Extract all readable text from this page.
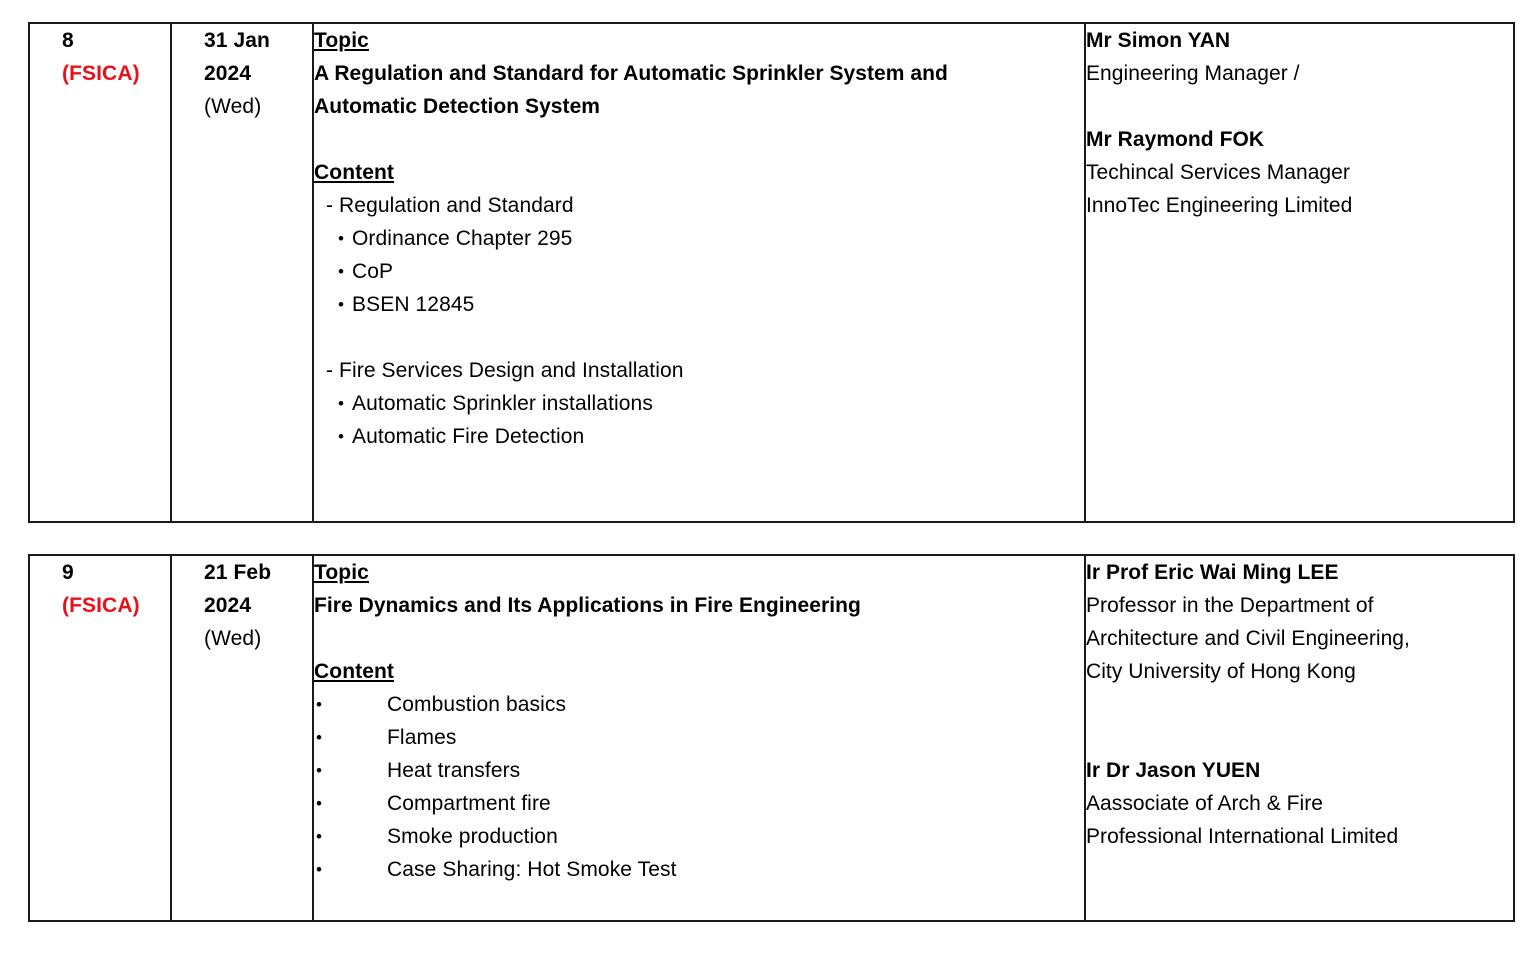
8
(FSICA)

31 Jan
2024
(Wed)

Topic
A Regulation and Standard for Automatic Sprinkler System and Automatic Detection System
Content
- Regulation and Standard
• Ordinance Chapter 295
• CoP
• BSEN 12845
- Fire Services Design and Installation
• Automatic Sprinkler installations
• Automatic Fire Detection

Mr Simon YAN
Engineering Manager /
Mr Raymond FOK
Techincal Services Manager
InnoTec Engineering Limited
9
(FSICA)

21 Feb
2024
(Wed)

Topic
Fire Dynamics and Its Applications in Fire Engineering
Content
•	Combustion basics
•	Flames
•	Heat transfers
•	Compartment fire
•	Smoke production
•	Case Sharing: Hot Smoke Test

Ir Prof Eric Wai Ming LEE
Professor in the Department of
Architecture and Civil Engineering,
City University of Hong Kong
Ir Dr Jason YUEN
Aassociate of Arch & Fire
Professional International Limited
